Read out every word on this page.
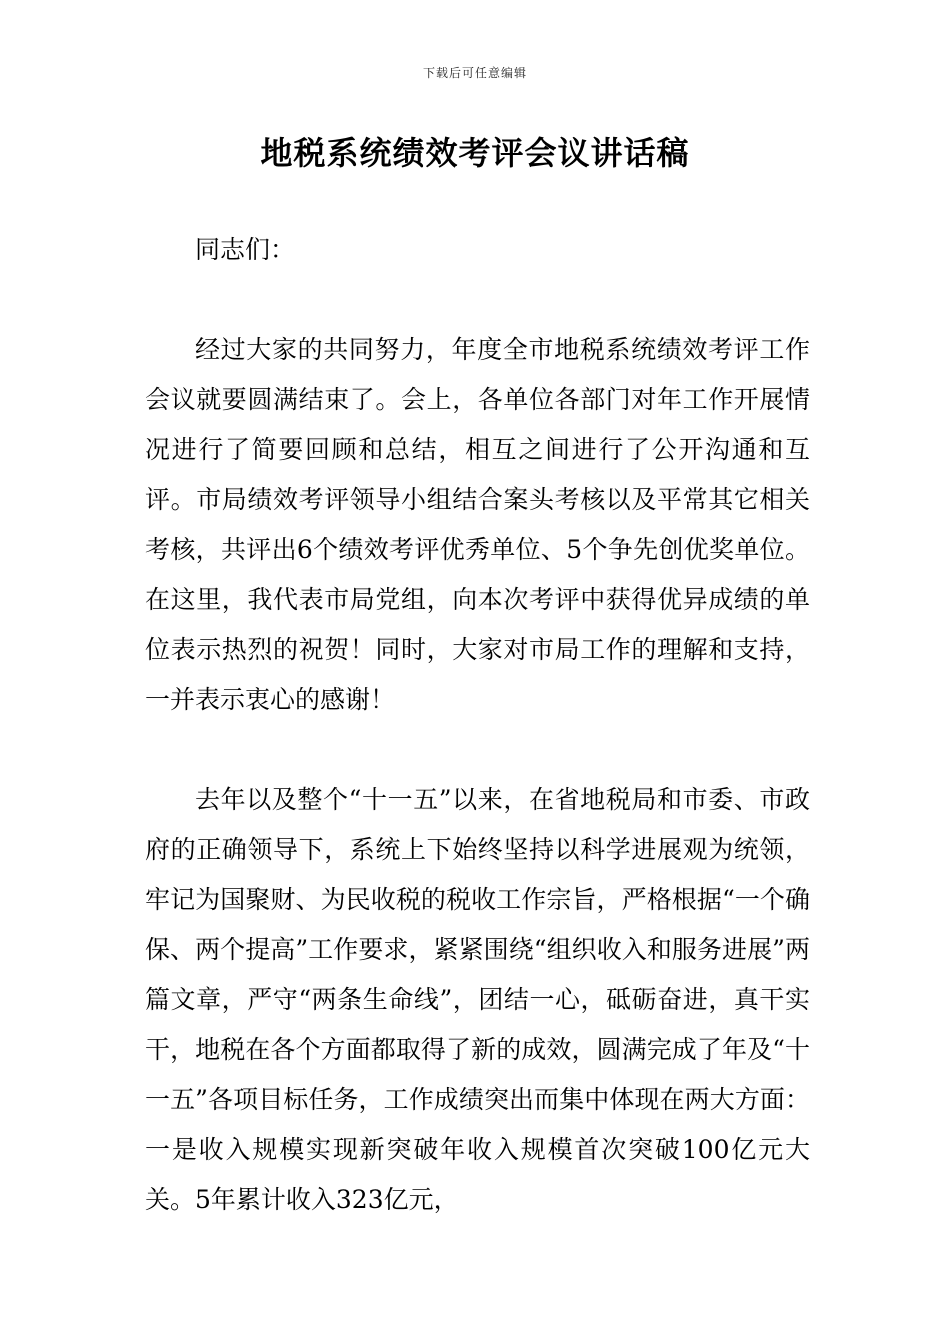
下载后可任意编辑
地税系统绩效考评会议讲话稿

同志们：

经过大家的共同努力，年度全市地税系统绩效考评工作会议就要圆满结束了。会上，各单位各部门对年工作开展情况进行了简要回顾和总结，相互之间进行了公开沟通和互评。市局绩效考评领导小组结合案头考核以及平常其它相关考核，共评出6个绩效考评优秀单位、5个争先创优奖单位。在这里，我代表市局党组，向本次考评中获得优异成绩的单位表示热烈的祝贺！同时，大家对市局工作的理解和支持，一并表示衷心的感谢！

去年以及整个“十一五”以来，在省地税局和市委、市政府的正确领导下，系统上下始终坚持以科学进展观为统领，牢记为国聚财、为民收税的税收工作宗旨，严格根据“一个确保、两个提高”工作要求，紧紧围绕“组织收入和服务进展”两篇文章，严守“两条生命线”，团结一心，砥砺奋进，真干实干，地税在各个方面都取得了新的成效，圆满完成了年及“十一五”各项目标任务，工作成绩突出而集中体现在两大方面：一是收入规模实现新突破年收入规模首次突破100亿元大关。5年累计收入323亿元，
